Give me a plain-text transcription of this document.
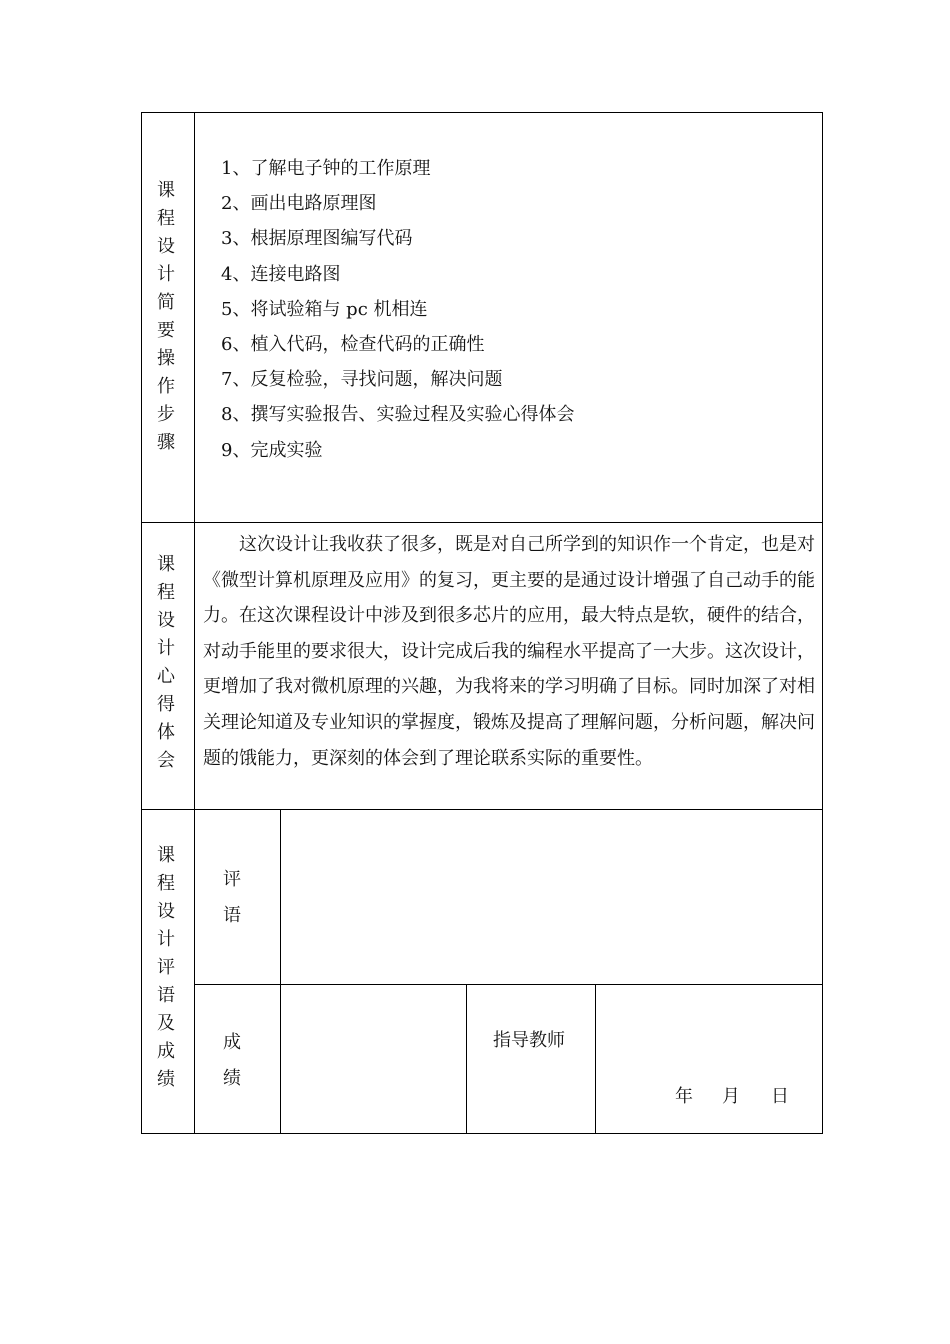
课
程
设
计
简
要
操
作
步
骤
1、了解电子钟的工作原理
2、画出电路原理图
3、根据原理图编写代码
4、连接电路图
5、将试验箱与 pc 机相连
6、植入代码，检查代码的正确性
7、反复检验，寻找问题，解决问题
8、撰写实验报告、实验过程及实验心得体会
9、完成实验
课
程
设
计
心
得
体
会

这次设计让我收获了很多，既是对自己所学到的知识作一个肯定，也是对《微型计算机原理及应用》的复习，更主要的是通过设计增强了自己动手的能力。在这次课程设计中涉及到很多芯片的应用，最大特点是软，硬件的结合，对动手能里的要求很大，设计完成后我的编程水平提高了一大步。这次设计，更增加了我对微机原理的兴趣，为我将来的学习明确了目标。同时加深了对相关理论知道及专业知识的掌握度，锻炼及提高了理解问题，分析问题，解决问题的饿能力，更深刻的体会到了理论联系实际的重要性。

课
程
设
计
评
语
及
成
绩
评
语
成
绩
指导教师
年 月 日
